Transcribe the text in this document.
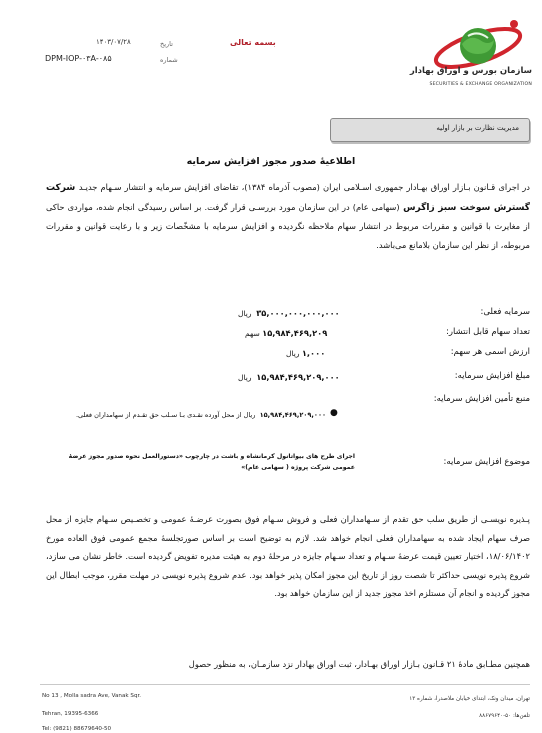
سازمان بورس و اوراق بهادار
SECURITIES & EXCHANGE ORGANIZATION
بسمه تعالی
تاریخ
۱۴۰۳/۰۷/۲۸
شماره
DPM-IOP-۰۳A-۰۸۵
مدیریت نظارت بر بازار اولیه
اطلاعیهٔ صدور مجوز افزایش سرمایه
در اجرای قـانون بـازار اوراق بهـادار جمهوری اسـلامی ایران (مصوب آذرماه ۱۳۸۴)، تقاضای افزایش سرمایه و انتشار سـهام جدیـد شرکت گسترش سوخت سبز زاگرس (سهامی عام) در این سازمان مورد بررسـی قرار گرفت. بر اساس رسیدگی انجام شده، مواردی حاکی از مغایرت با قوانین و مقررات مربوط در انتشار سهام ملاحظه نگردیده و افزایش سرمایه با مشخّصات زیر و با رعایت قوانین و مقررات مربوطه، از نظر این سازمان بلامانع می‌باشد.
سرمایه فعلی:
۳۵,۰۰۰,۰۰۰,۰۰۰,۰۰۰  ریال
تعداد سهام قابل انتشار:
۱۵,۹۸۴,۴۶۹,۲۰۹ سهم
ارزش اسمی هر سهم:
۱,۰۰۰ ریال
مبلغ افزایش سرمایه:
۱۵,۹۸۴,۴۶۹,۲۰۹,۰۰۰  ریال
منبع تأمین افزایش سرمایه:
●
۱۵,۹۸۴,۴۶۹,۲۰۹,۰۰۰  ریال از محل آورده نقـدی بـا سـلب حق تقـدم از سهامداران فعلی.
موضوع افزایش سرمایه:
اجرای طرح های بیواتانول کرمانشاه و باشت در چارچوب «دستورالعمل نحوه صدور مجوز عرضهٔ عمومی شرکت پروژه ( سهامی عام)»
پـذیره نویسـی از طریق سلب حق تقدم از سـهامداران فعلی و فروش سـهام فوق بصورت عرضـهٔ عمومی و تخصـیص سـهام جایزه از محل صرف سهام ایجاد شده به سهامداران فعلی انجام خواهد شد. لازم به توضیح است بر اساس صورتجلسهٔ مجمع عمومی فوق العاده مورخ ۱۸/۰۶/۱۴۰۲، اختیار تعیین قیمت عرضهٔ سـهام و تعداد سـهام جایزه در مرحلهٔ دوم به هیئت مدیره تفویض گردیده است. خاطر نشان می سازد، شروع پذیره نویسی حداکثر تا شصت روز از تاریخ این مجوز امکان پذیر خواهد بود. عدم شروع پذیره نویسی در مهلت مقرر، موجب ابطال این مجوز گردیده و انجام آن مستلزم اخذ مجوز جدید از این سازمان خواهد بود.
همچنین مطـابق مادهٔ ۲۱ قـانون بـازار اوراق بهـادار، ثبت اوراق بهادار نزد سازمـان، به منظور حصول
No 13 , Molla sadra Ave, Vanak Sqr.
Tehran, 19395-6366
Tel: (9821) 88679640-50
تهران، میدان ونک، ابتدای خیابان ملاصدرا، شماره ۱۳
تلفن‌ها: ۵۰-۸۸۶۷۹۶۴۰
